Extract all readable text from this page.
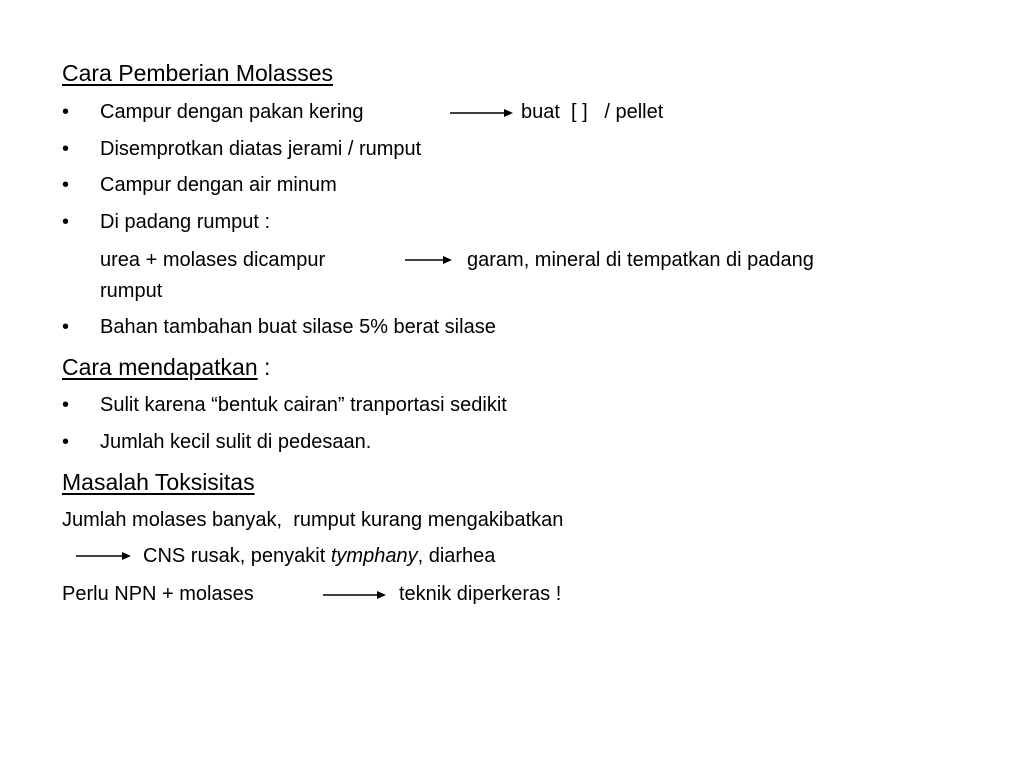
Cara Pemberian Molasses
• Campur dengan pakan kering	buat  [ ]   / pellet
• Disemprotkan diatas jerami / rumput
• Campur dengan air minum
• Di padang rumput :
urea + molases dicampur	garam, mineral di tempatkan di padang
rumput
• Bahan tambahan buat silase 5% berat silase
Cara mendapatkan :
• Sulit karena “bentuk cairan” tranportasi sedikit
• Jumlah kecil sulit di pedesaan.
Masalah Toksisitas
Jumlah molases banyak,  rumput kurang mengakibatkan
CNS rusak, penyakit tymphany, diarhea
Perlu NPN + molases	teknik diperkeras !
